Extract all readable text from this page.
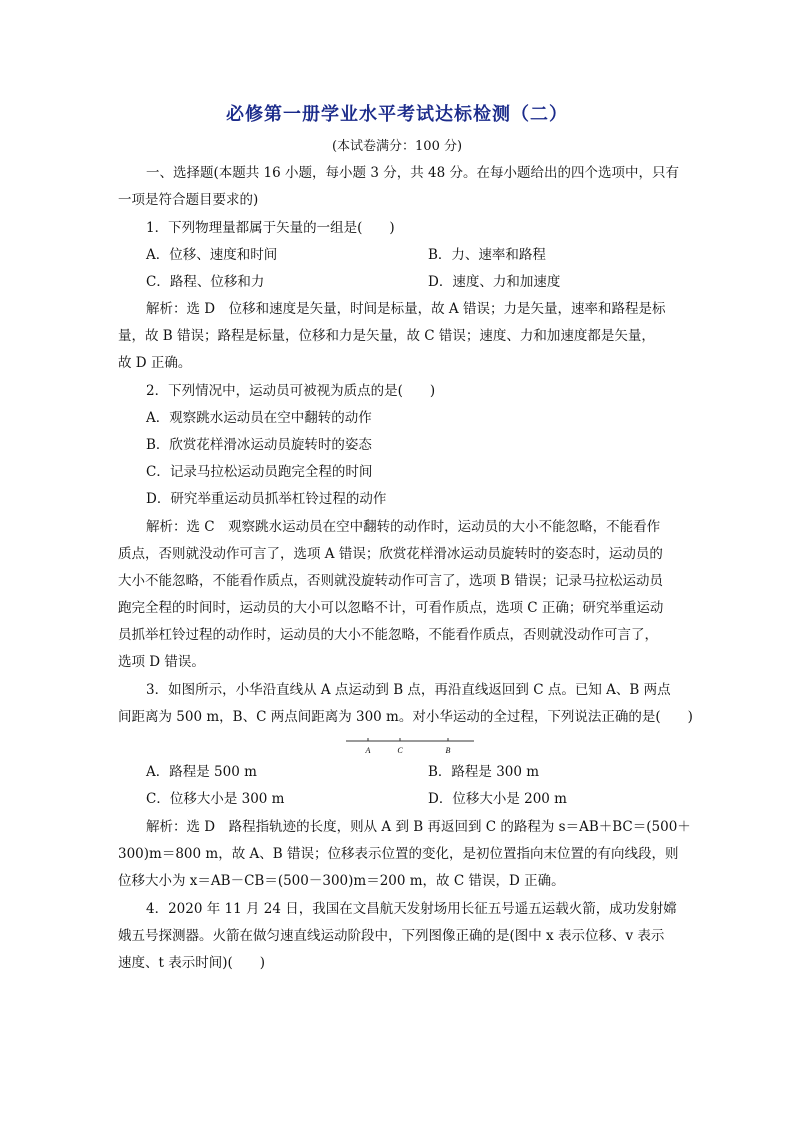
必修第一册学业水平考试达标检测（二）
(本试卷满分：100 分)
一、选择题(本题共 16 小题，每小题 3 分，共 48 分。在每小题给出的四个选项中，只有
一项是符合题目要求的)
1．下列物理量都属于矢量的一组是(　　)
A．位移、速度和时间	B．力、速率和路程
C．路程、位移和力	D．速度、力和加速度
解析：选 D　位移和速度是矢量，时间是标量，故 A 错误；力是矢量，速率和路程是标
量，故 B 错误；路程是标量，位移和力是矢量，故 C 错误；速度、力和加速度都是矢量，
故 D 正确。
2．下列情况中，运动员可被视为质点的是(　　)
A．观察跳水运动员在空中翻转的动作
B．欣赏花样滑冰运动员旋转时的姿态
C．记录马拉松运动员跑完全程的时间
D．研究举重运动员抓举杠铃过程的动作
解析：选 C　观察跳水运动员在空中翻转的动作时，运动员的大小不能忽略，不能看作
质点，否则就没动作可言了，选项 A 错误；欣赏花样滑冰运动员旋转时的姿态时，运动员的
大小不能忽略，不能看作质点，否则就没旋转动作可言了，选项 B 错误；记录马拉松运动员
跑完全程的时间时，运动员的大小可以忽略不计，可看作质点，选项 C 正确；研究举重运动
员抓举杠铃过程的动作时，运动员的大小不能忽略，不能看作质点，否则就没动作可言了，
选项 D 错误。
3．如图所示，小华沿直线从 A 点运动到 B 点，再沿直线返回到 C 点。已知 A、B 两点
间距离为 500 m，B、C 两点间距离为 300 m。对小华运动的全过程，下列说法正确的是(　　)
A	C	B
A．路程是 500 m	B．路程是 300 m
C．位移大小是 300 m	D．位移大小是 200 m
解析：选 D　路程指轨迹的长度，则从 A 到 B 再返回到 C 的路程为 s＝AB＋BC＝(500＋
300)m＝800 m，故 A、B 错误；位移表示位置的变化，是初位置指向末位置的有向线段，则
位移大小为 x＝AB－CB＝(500－300)m＝200 m，故 C 错误，D 正确。
4．2020 年 11 月 24 日，我国在文昌航天发射场用长征五号遥五运载火箭，成功发射嫦
娥五号探测器。火箭在做匀速直线运动阶段中，下列图像正确的是(图中 x 表示位移、v 表示
速度、t 表示时间)(　　)
